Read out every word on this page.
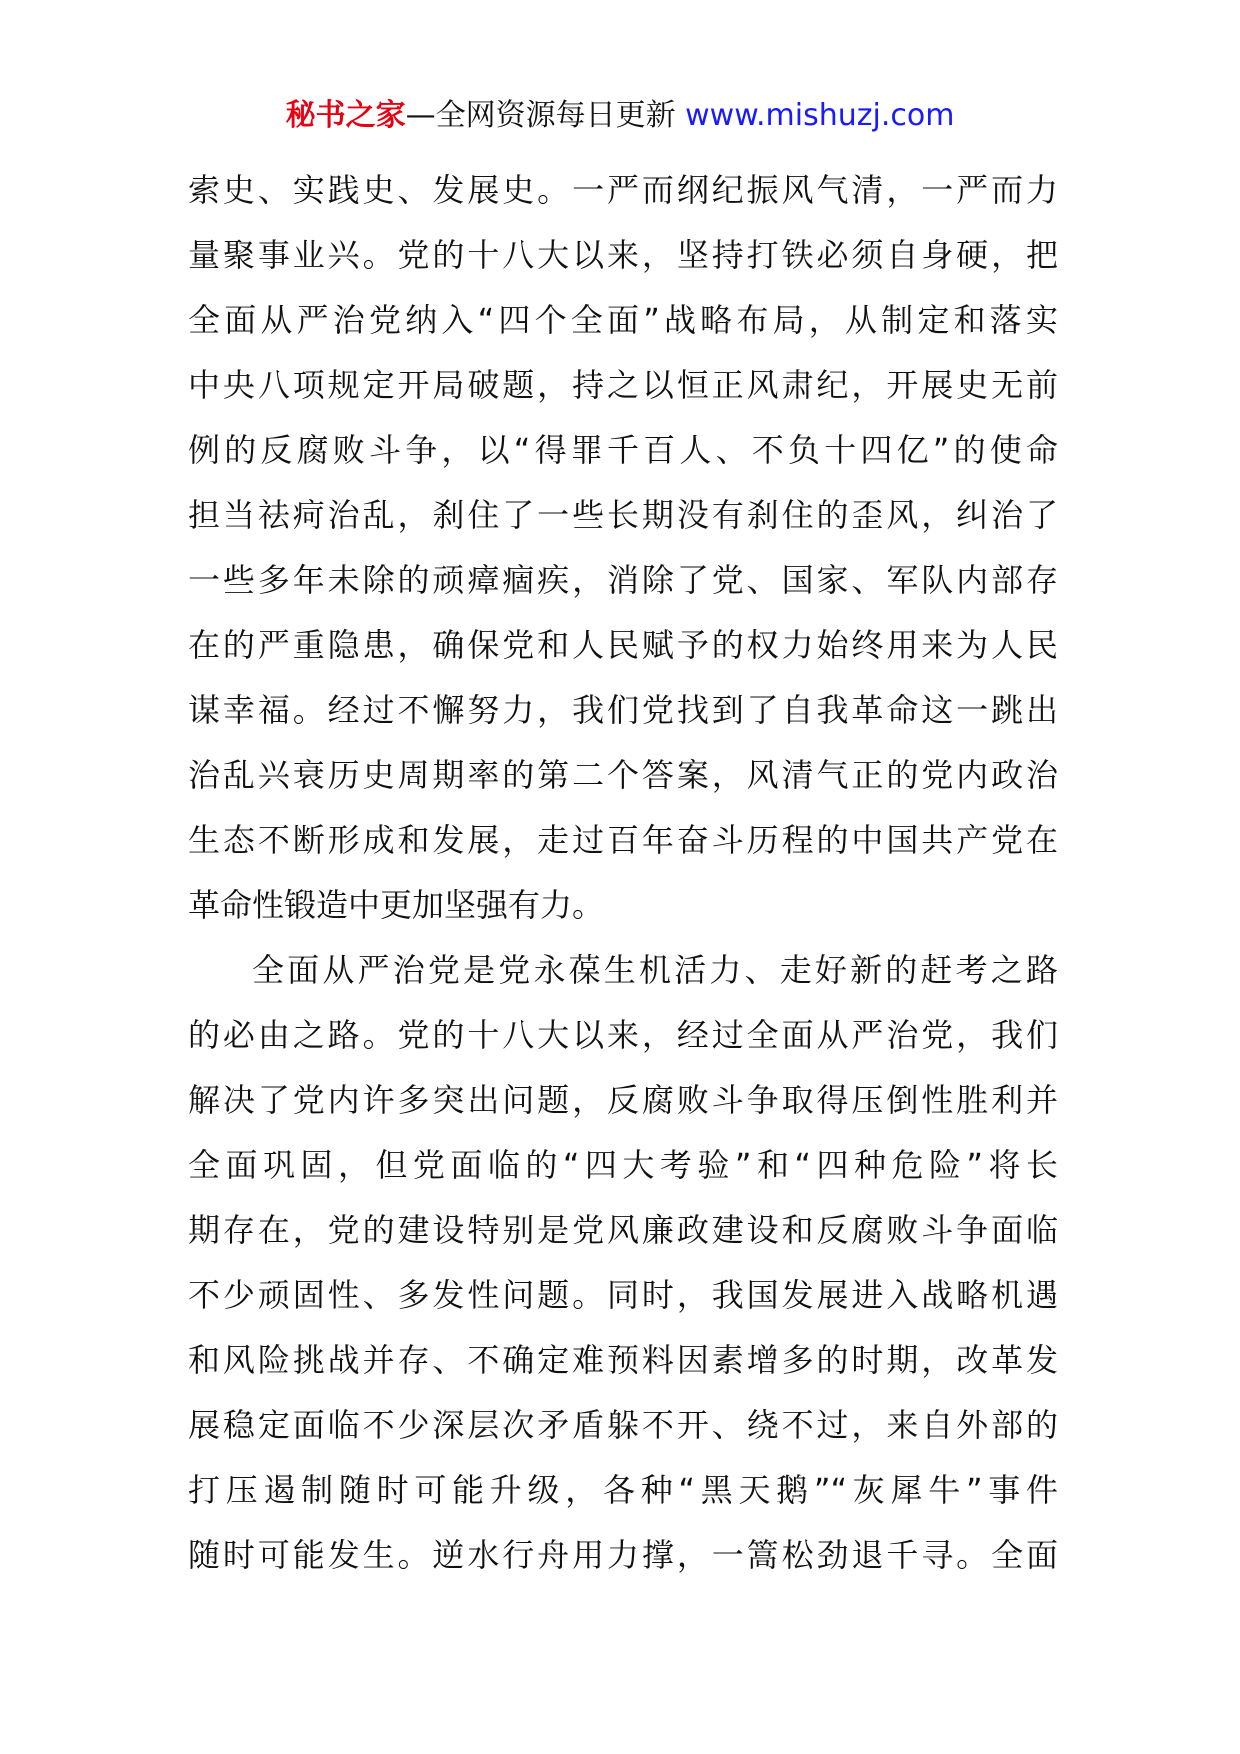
秘书之家—全网资源每日更新 www.mishuzj.com

索史、实践史、发展史。一严而纲纪振风气清，一严而力
量聚事业兴。党的十八大以来，坚持打铁必须自身硬，把
全面从严治党纳入“四个全面”战略布局，从制定和落实
中央八项规定开局破题，持之以恒正风肃纪，开展史无前
例的反腐败斗争，以“得罪千百人、不负十四亿”的使命
担当祛疴治乱，刹住了一些长期没有刹住的歪风，纠治了
一些多年未除的顽瘴痼疾，消除了党、国家、军队内部存
在的严重隐患，确保党和人民赋予的权力始终用来为人民
谋幸福。经过不懈努力，我们党找到了自我革命这一跳出
治乱兴衰历史周期率的第二个答案，风清气正的党内政治
生态不断形成和发展，走过百年奋斗历程的中国共产党在
革命性锻造中更加坚强有力。

全面从严治党是党永葆生机活力、走好新的赶考之路
的必由之路。党的十八大以来，经过全面从严治党，我们
解决了党内许多突出问题，反腐败斗争取得压倒性胜利并
全面巩固，但党面临的“四大考验”和“四种危险”将长
期存在，党的建设特别是党风廉政建设和反腐败斗争面临
不少顽固性、多发性问题。同时，我国发展进入战略机遇
和风险挑战并存、不确定难预料因素增多的时期，改革发
展稳定面临不少深层次矛盾躲不开、绕不过，来自外部的
打压遏制随时可能升级，各种“黑天鹅”“灰犀牛”事件
随时可能发生。逆水行舟用力撑，一篙松劲退千寻。全面
